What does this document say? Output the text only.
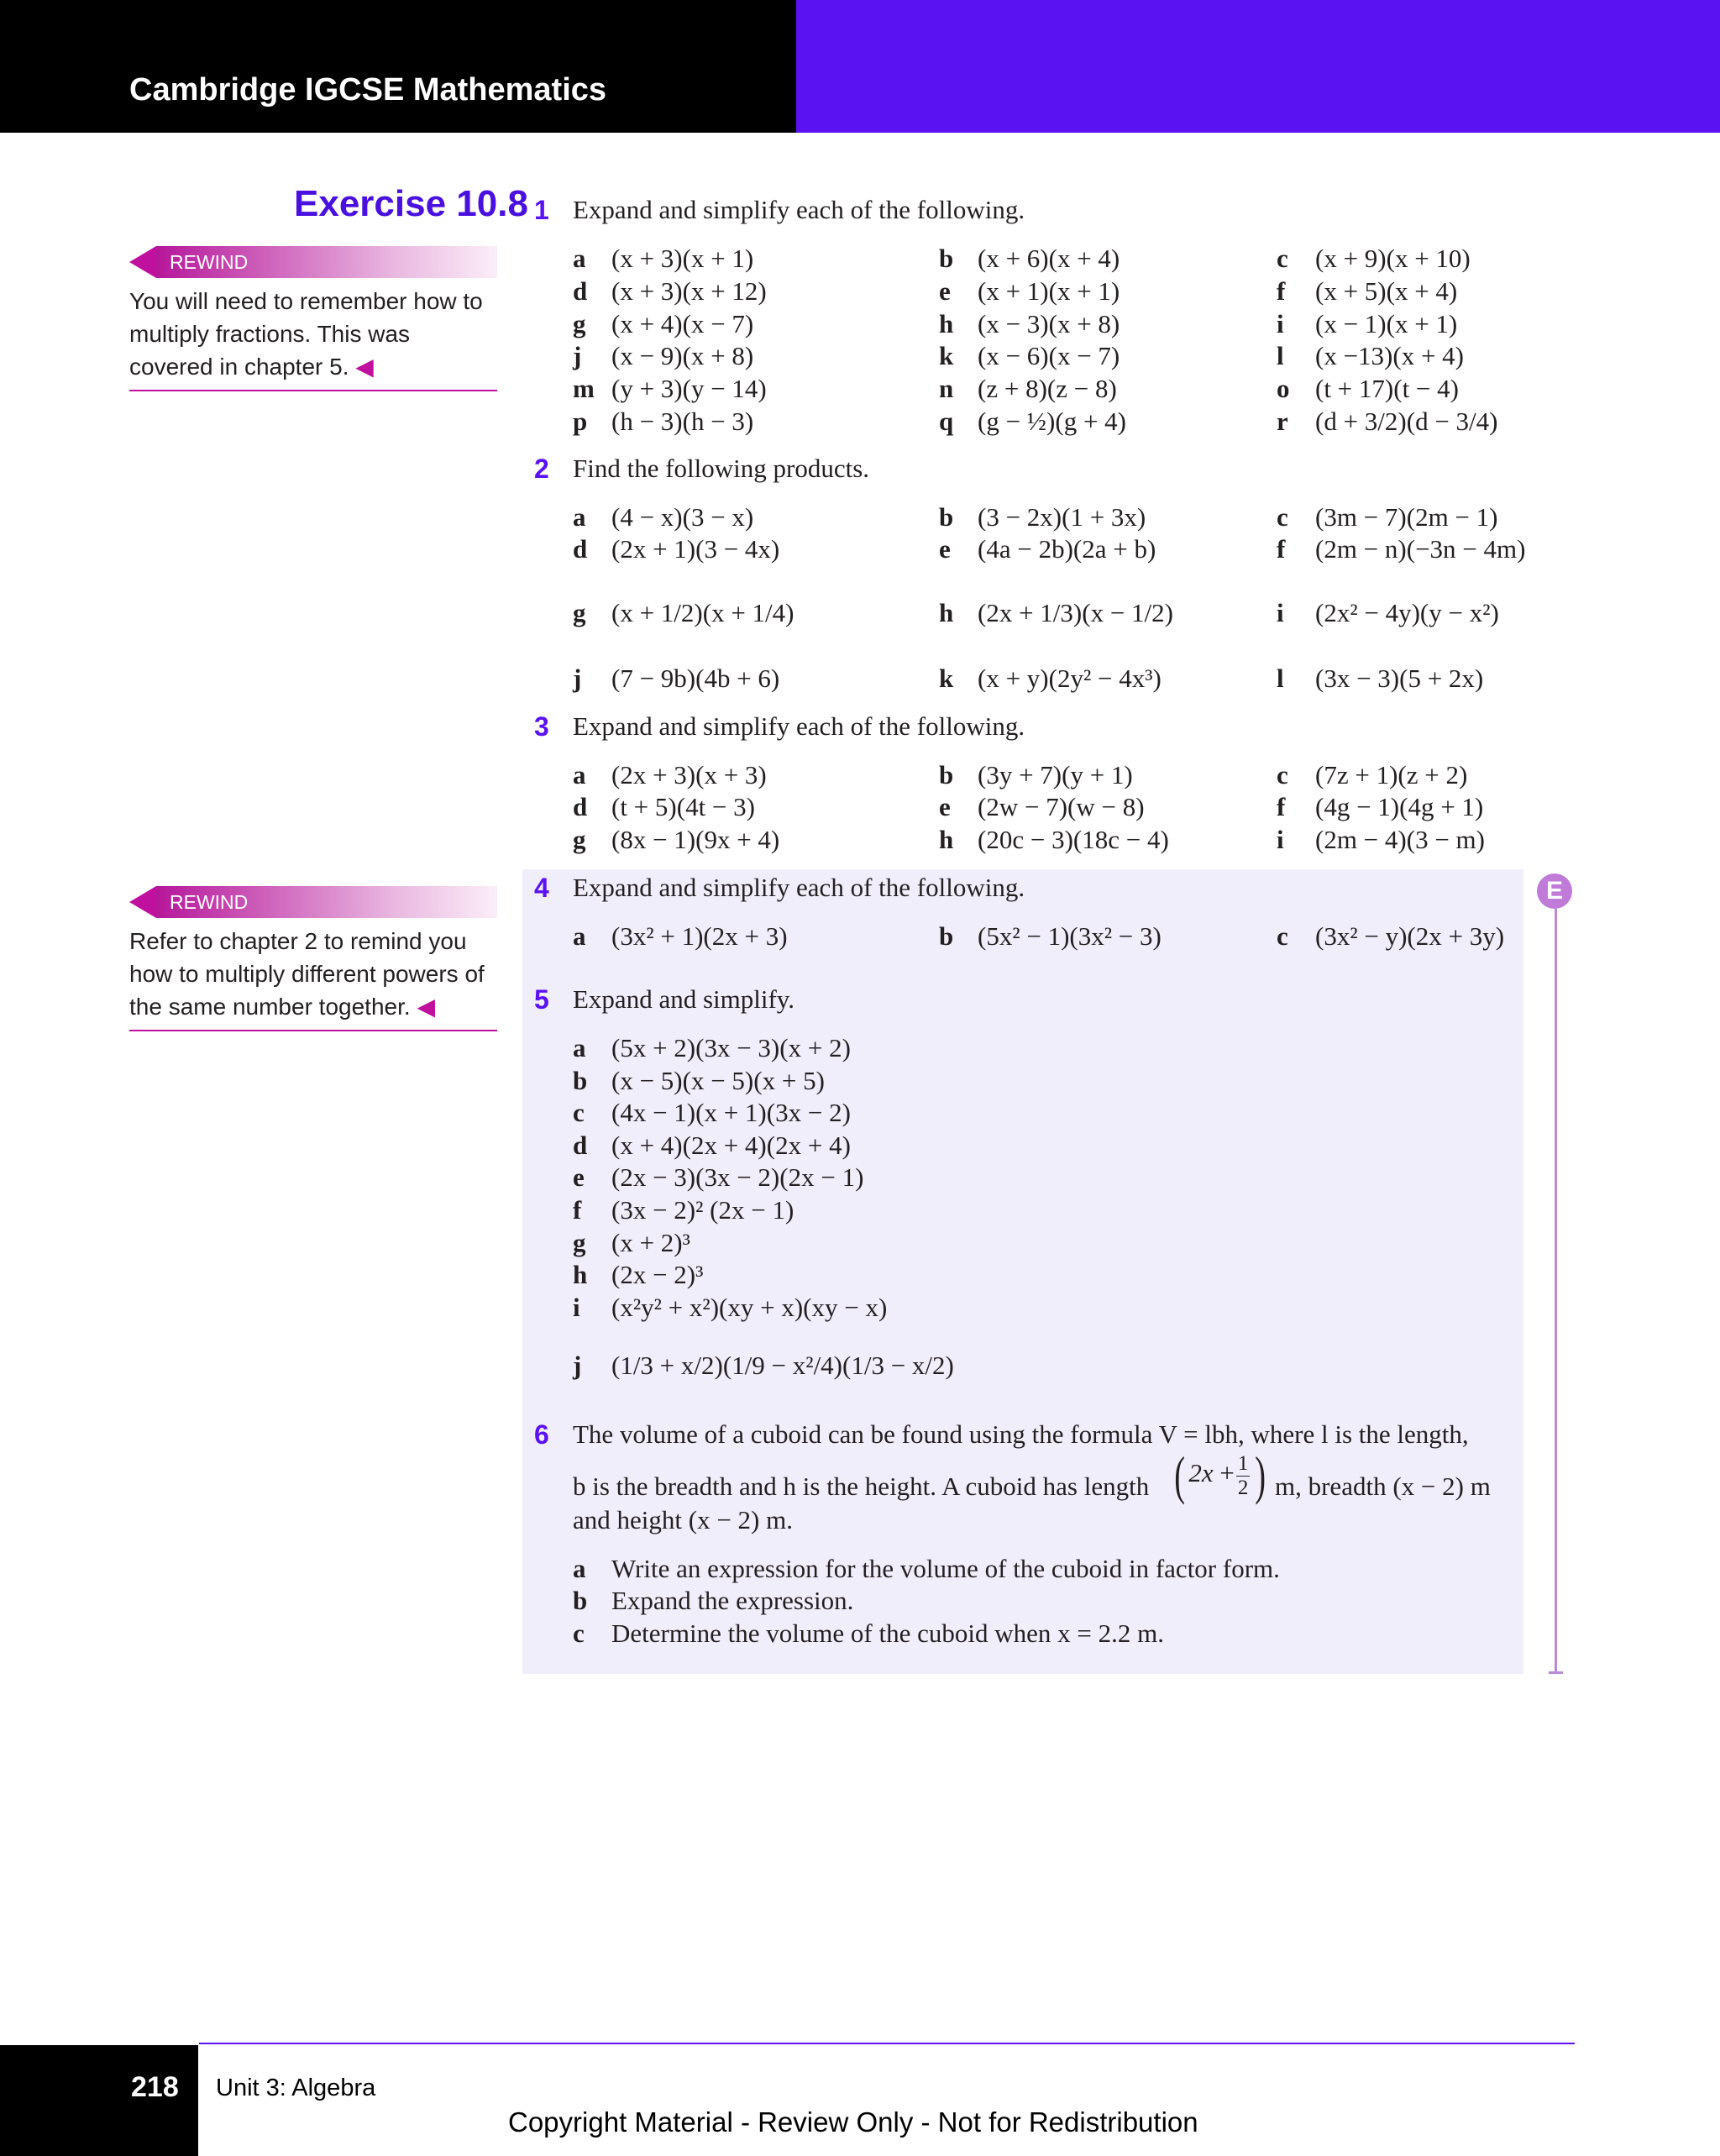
Cambridge IGCSE Mathematics
Exercise 10.8
REWIND
You will need to remember how to multiply fractions. This was covered in chapter 5. ◀
REWIND
Refer to chapter 2 to remind you how to multiply different powers of the same number together. ◀
E
1 Expand and simplify each of the following.
2 Find the following products.
3 Expand and simplify each of the following.
4 Expand and simplify each of the following.
5 Expand and simplify.
6 The volume of a cuboid can be found using the formula V = lbh, where l is the length,
b is the breadth and h is the height. A cuboid has length ( $2x + \frac{1}{2}$ ) m, breadth (x − 2) m
and height (x − 2) m.
218 Unit 3: Algebra
Copyright Material - Review Only - Not for Redistribution
a (x + 3)(x + 1)	b (x + 6)(x + 4)	c (x + 9)(x + 10)
d (x + 3)(x + 12)	e (x + 1)(x + 1)	f (x + 5)(x + 4)
g (x + 4)(x − 7)	h (x − 3)(x + 8)	i (x − 1)(x + 1)
j (x − 9)(x + 8)	k (x − 6)(x − 7)	l (x −13)(x + 4)
m (y + 3)(y − 14)	n (z + 8)(z − 8)	o (t + 17)(t − 4)
p (h − 3)(h − 3)	q (g − ½)(g + 4)	r (d + 3/2)(d − 3/4)
a (4 − x)(3 − x)	b (3 − 2x)(1 + 3x)	c (3m − 7)(2m − 1)
d (2x + 1)(3 − 4x)	e (4a − 2b)(2a + b)	f (2m − n)(−3n − 4m)
g (x + 1/2)(x + 1/4)	h (2x + 1/3)(x − 1/2)	i (2x² − 4y)(y − x²)
j (7 − 9b)(4b + 6)	k (x + y)(2y² − 4x³)	l (3x − 3)(5 + 2x)
a (2x + 3)(x + 3)	b (3y + 7)(y + 1)	c (7z + 1)(z + 2)
d (t + 5)(4t − 3)	e (2w − 7)(w − 8)	f (4g − 1)(4g + 1)
g (8x − 1)(9x + 4)	h (20c − 3)(18c − 4)	i (2m − 4)(3 − m)
a (3x² + 1)(2x + 3)	b (5x² − 1)(3x² − 3)	c (3x² − y)(2x + 3y)
a (5x + 2)(3x − 3)(x + 2)
b (x − 5)(x − 5)(x + 5)
c (4x − 1)(x + 1)(3x − 2)
d (x + 4)(2x + 4)(2x + 4)
e (2x − 3)(3x − 2)(2x − 1)
f (3x − 2)² (2x − 1)
g (x + 2)³
h (2x − 2)³
i (x²y² + x²)(xy + x)(xy − x)
j (1/3 + x/2)(1/9 − x²/4)(1/3 − x/2)
a Write an expression for the volume of the cuboid in factor form.
b Expand the expression.
c Determine the volume of the cuboid when x = 2.2 m.
